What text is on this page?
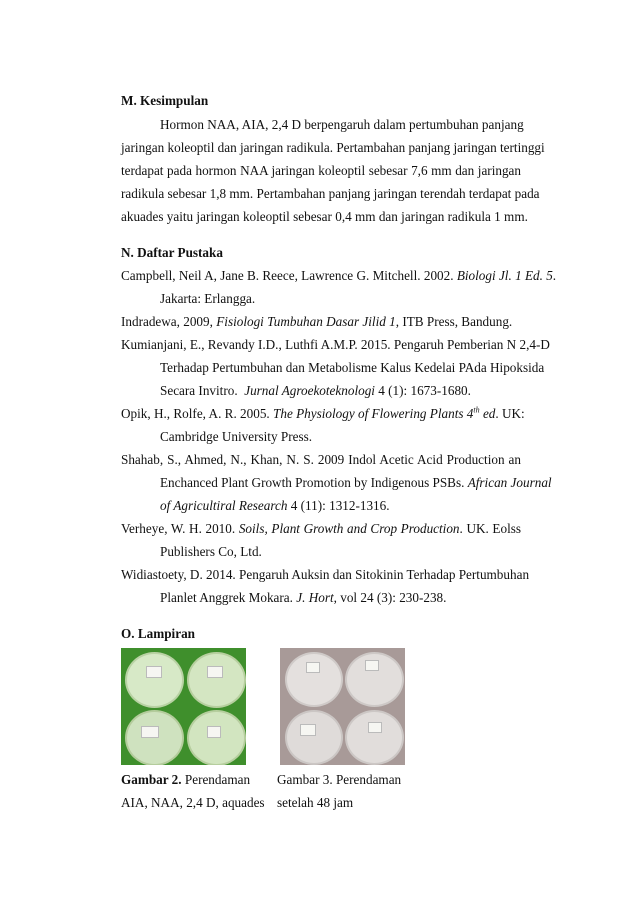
M. Kesimpulan
Hormon NAA, AIA, 2,4 D berpengaruh dalam pertumbuhan panjang
jaringan koleoptil dan jaringan radikula. Pertambahan panjang jaringan tertinggi
terdapat pada hormon NAA jaringan koleoptil sebesar 7,6 mm dan jaringan
radikula sebesar 1,8 mm. Pertambahan panjang jaringan terendah terdapat pada
akuades yaitu jaringan koleoptil sebesar 0,4 mm dan jaringan radikula 1 mm.
N. Daftar Pustaka
Campbell, Neil A, Jane B. Reece, Lawrence G. Mitchell. 2002. Biologi Jl. 1 Ed. 5.
Jakarta: Erlangga.
Indradewa, 2009, Fisiologi Tumbuhan Dasar Jilid 1, ITB Press, Bandung.
Kumianjani, E., Revandy I.D., Luthfi A.M.P. 2015. Pengaruh Pemberian N 2,4-D
Terhadap Pertumbuhan dan Metabolisme Kalus Kedelai PAda Hipoksida
Secara Invitro. Jurnal Agroekoteknologi 4 (1): 1673-1680.
Opik, H., Rolfe, A. R. 2005. The Physiology of Flowering Plants 4th ed. UK:
Cambridge University Press.
Shahab, S., Ahmed, N., Khan, N. S. 2009 Indol Acetic Acid Production an
Enchanced Plant Growth Promotion by Indigenous PSBs. African Journal
of Agricultiral Research 4 (11): 1312-1316.
Verheye, W. H. 2010. Soils, Plant Growth and Crop Production. UK. Eolss
Publishers Co, Ltd.
Widiastoety, D. 2014. Pengaruh Auksin dan Sitokinin Terhadap Pertumbuhan
Planlet Anggrek Mokara. J. Hort, vol 24 (3): 230-238.
O. Lampiran
Gambar 2. Perendaman
AIA, NAA, 2,4 D, aquades
Gambar 3. Perendaman
setelah 48 jam
